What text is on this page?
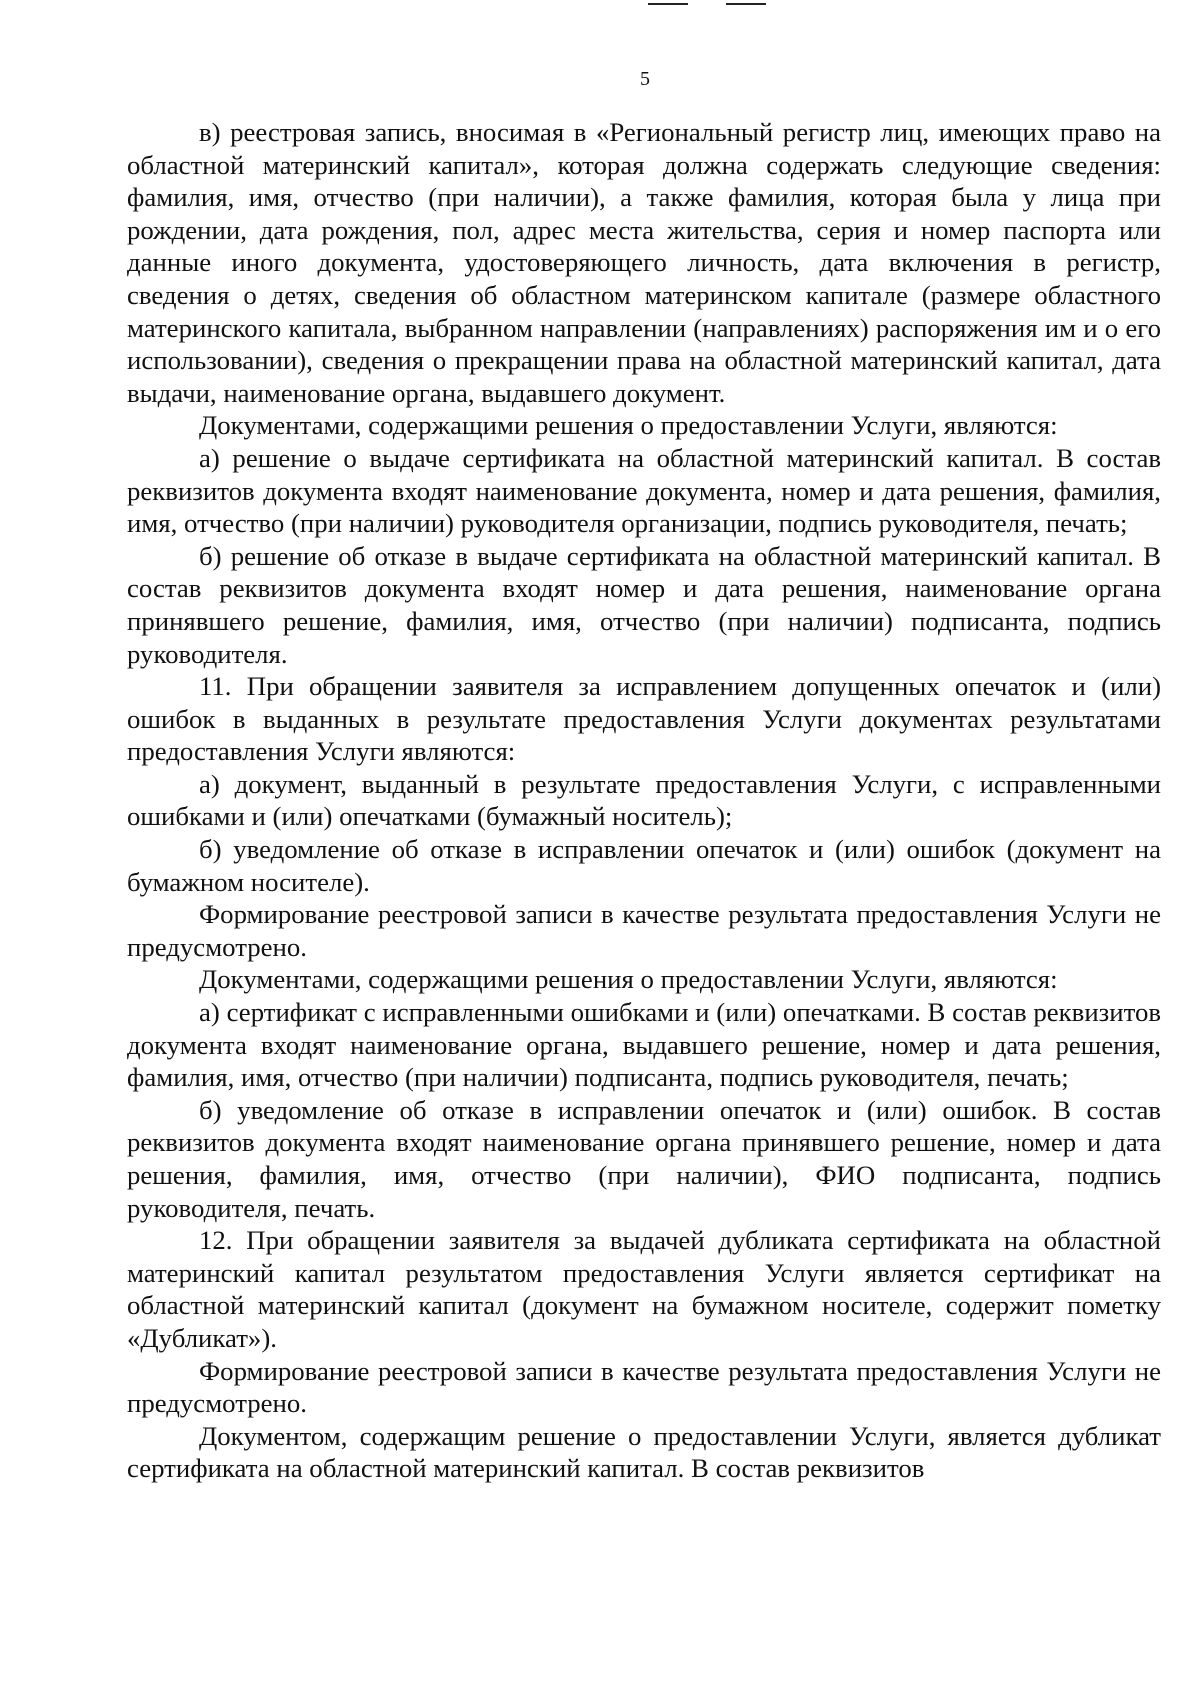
5

в) реестровая запись, вносимая в «Региональный регистр лиц, имеющих право на областной материнский капитал», которая должна содержать следующие сведения: фамилия, имя, отчество (при наличии), а также фамилия, которая была у лица при рождении, дата рождения, пол, адрес места жительства, серия и номер паспорта или данные иного документа, удостоверяющего личность, дата включения в регистр, сведения о детях, сведения об областном материнском капитале (размере областного материнского капитала, выбранном направлении (направлениях) распоряжения им и о его использовании), сведения о прекращении права на областной материнский капитал, дата выдачи, наименование органа, выдавшего документ.

Документами, содержащими решения о предоставлении Услуги, являются:

а) решение о выдаче сертификата на областной материнский капитал. В состав реквизитов документа входят наименование документа, номер и дата решения, фамилия, имя, отчество (при наличии) руководителя организации, подпись руководителя, печать;

б) решение об отказе в выдаче сертификата на областной материнский капитал. В состав реквизитов документа входят номер и дата решения, наименование органа принявшего решение, фамилия, имя, отчество (при наличии) подписанта, подпись руководителя.

11. При обращении заявителя за исправлением допущенных опечаток и (или) ошибок в выданных в результате предоставления Услуги документах результатами предоставления Услуги являются:

а) документ, выданный в результате предоставления Услуги, с исправленными ошибками и (или) опечатками (бумажный носитель);

б) уведомление об отказе в исправлении опечаток и (или) ошибок (документ на бумажном носителе).

Формирование реестровой записи в качестве результата предоставления Услуги не предусмотрено.

Документами, содержащими решения о предоставлении Услуги, являются:

а) сертификат с исправленными ошибками и (или) опечатками. В состав реквизитов документа входят наименование органа, выдавшего решение, номер и дата решения, фамилия, имя, отчество (при наличии) подписанта, подпись руководителя, печать;

б) уведомление об отказе в исправлении опечаток и (или) ошибок. В состав реквизитов документа входят наименование органа принявшего решение, номер и дата решения, фамилия, имя, отчество (при наличии), ФИО подписанта, подпись руководителя, печать.

12. При обращении заявителя за выдачей дубликата сертификата на областной материнский капитал результатом предоставления Услуги является сертификат на областной материнский капитал (документ на бумажном носителе, содержит пометку «Дубликат»).

Формирование реестровой записи в качестве результата предоставления Услуги не предусмотрено.

Документом, содержащим решение о предоставлении Услуги, является дубликат сертификата на областной материнский капитал. В состав реквизитов
